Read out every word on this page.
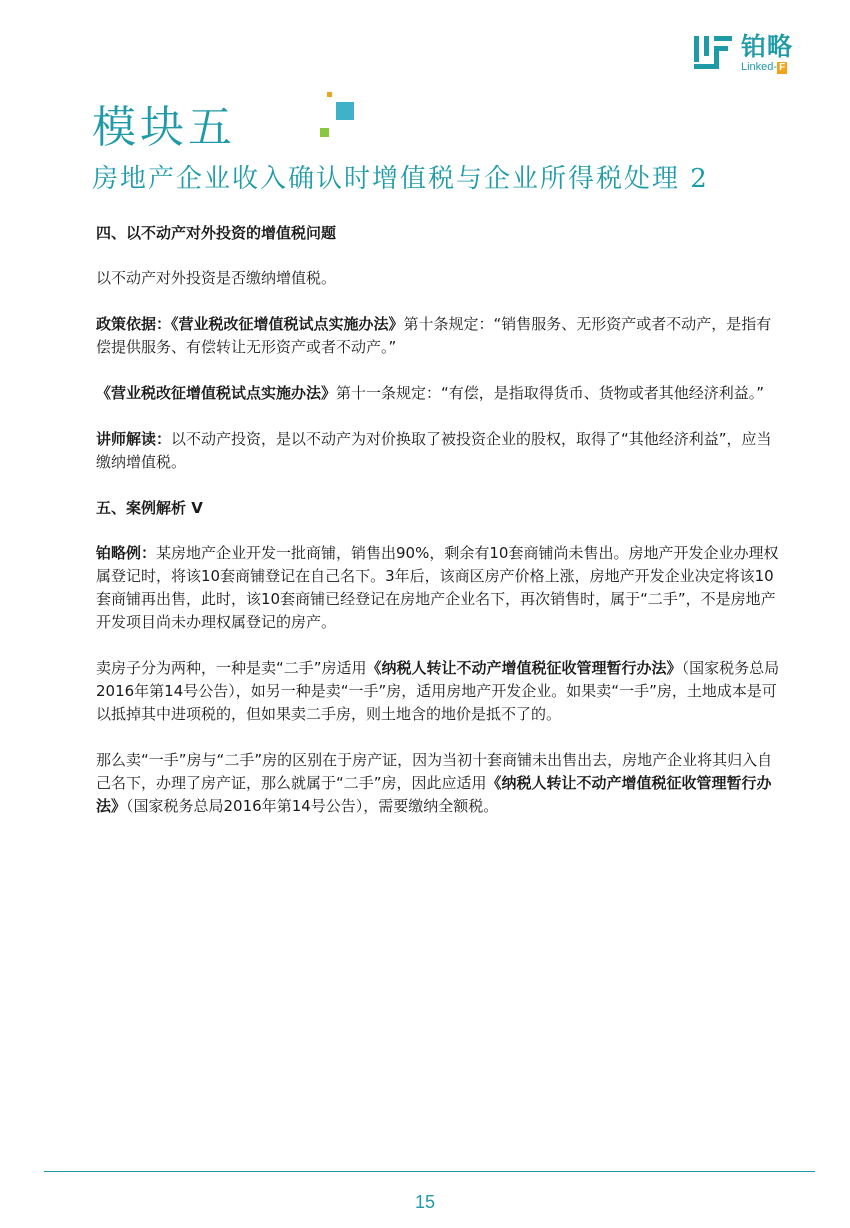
铂略
Linked- F
模块五
房地产企业收入确认时增值税与企业所得税处理 2

四、以不动产对外投资的增值税问题

以不动产对外投资是否缴纳增值税。

政策依据：《营业税改征增值税试点实施办法》第十条规定：“销售服务、无形资产或者不动产，是指有偿提供服务、有偿转让无形资产或者不动产。”

《营业税改征增值税试点实施办法》第十一条规定：“有偿，是指取得货币、货物或者其他经济利益。”

讲师解读：以不动产投资，是以不动产为对价换取了被投资企业的股权，取得了“其他经济利益”，应当缴纳增值税。

五、案例解析 V

铂略例：某房地产企业开发一批商铺，销售出90%，剩余有10套商铺尚未售出。房地产开发企业办理权属登记时，将该10套商铺登记在自己名下。3年后，该商区房产价格上涨，房地产开发企业决定将该10套商铺再出售，此时，该10套商铺已经登记在房地产企业名下，再次销售时，属于“二手”，不是房地产开发项目尚未办理权属登记的房产。

卖房子分为两种，一种是卖“二手”房适用《纳税人转让不动产增值税征收管理暂行办法》（国家税务总局2016年第14号公告），如另一种是卖“一手”房，适用房地产开发企业。如果卖“一手”房，土地成本是可以抵掉其中进项税的，但如果卖二手房，则土地含的地价是抵不了的。

那么卖“一手”房与“二手”房的区别在于房产证，因为当初十套商铺未出售出去，房地产企业将其归入自己名下，办理了房产证，那么就属于“二手”房，因此应适用《纳税人转让不动产增值税征收管理暂行办法》（国家税务总局2016年第14号公告），需要缴纳全额税。

15
